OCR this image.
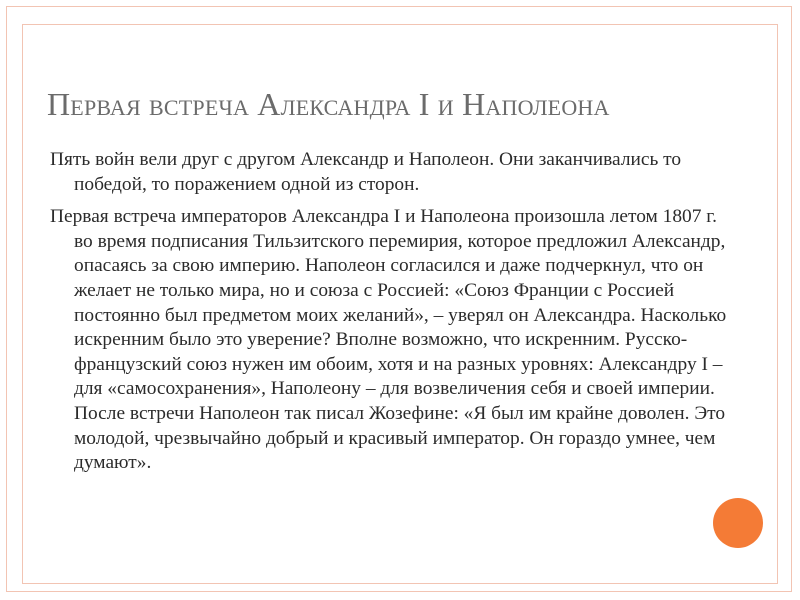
Первая встреча Александра I и Наполеона

Пять войн вели друг с другом Александр и Наполеон. Они заканчивались то победой, то поражением одной из сторон.

Первая встреча императоров Александра I и Наполеона произошла летом 1807 г. во время подписания Тильзитского перемирия, которое предложил Александр, опасаясь за свою империю. Наполеон согласился и даже подчеркнул, что он желает не только мира, но и союза с Россией: «Союз Франции с Россией постоянно был предметом моих желаний», – уверял он Александра. Насколько искренним было это уверение? Вполне возможно, что искренним. Русско-французский союз нужен им обоим, хотя и на разных уровнях: Александру I – для «самосохранения», Наполеону – для возвеличения себя и своей империи. После встречи Наполеон так писал Жозефине: «Я был им крайне доволен. Это молодой, чрезвычайно добрый и красивый император. Он гораздо умнее, чем думают».
